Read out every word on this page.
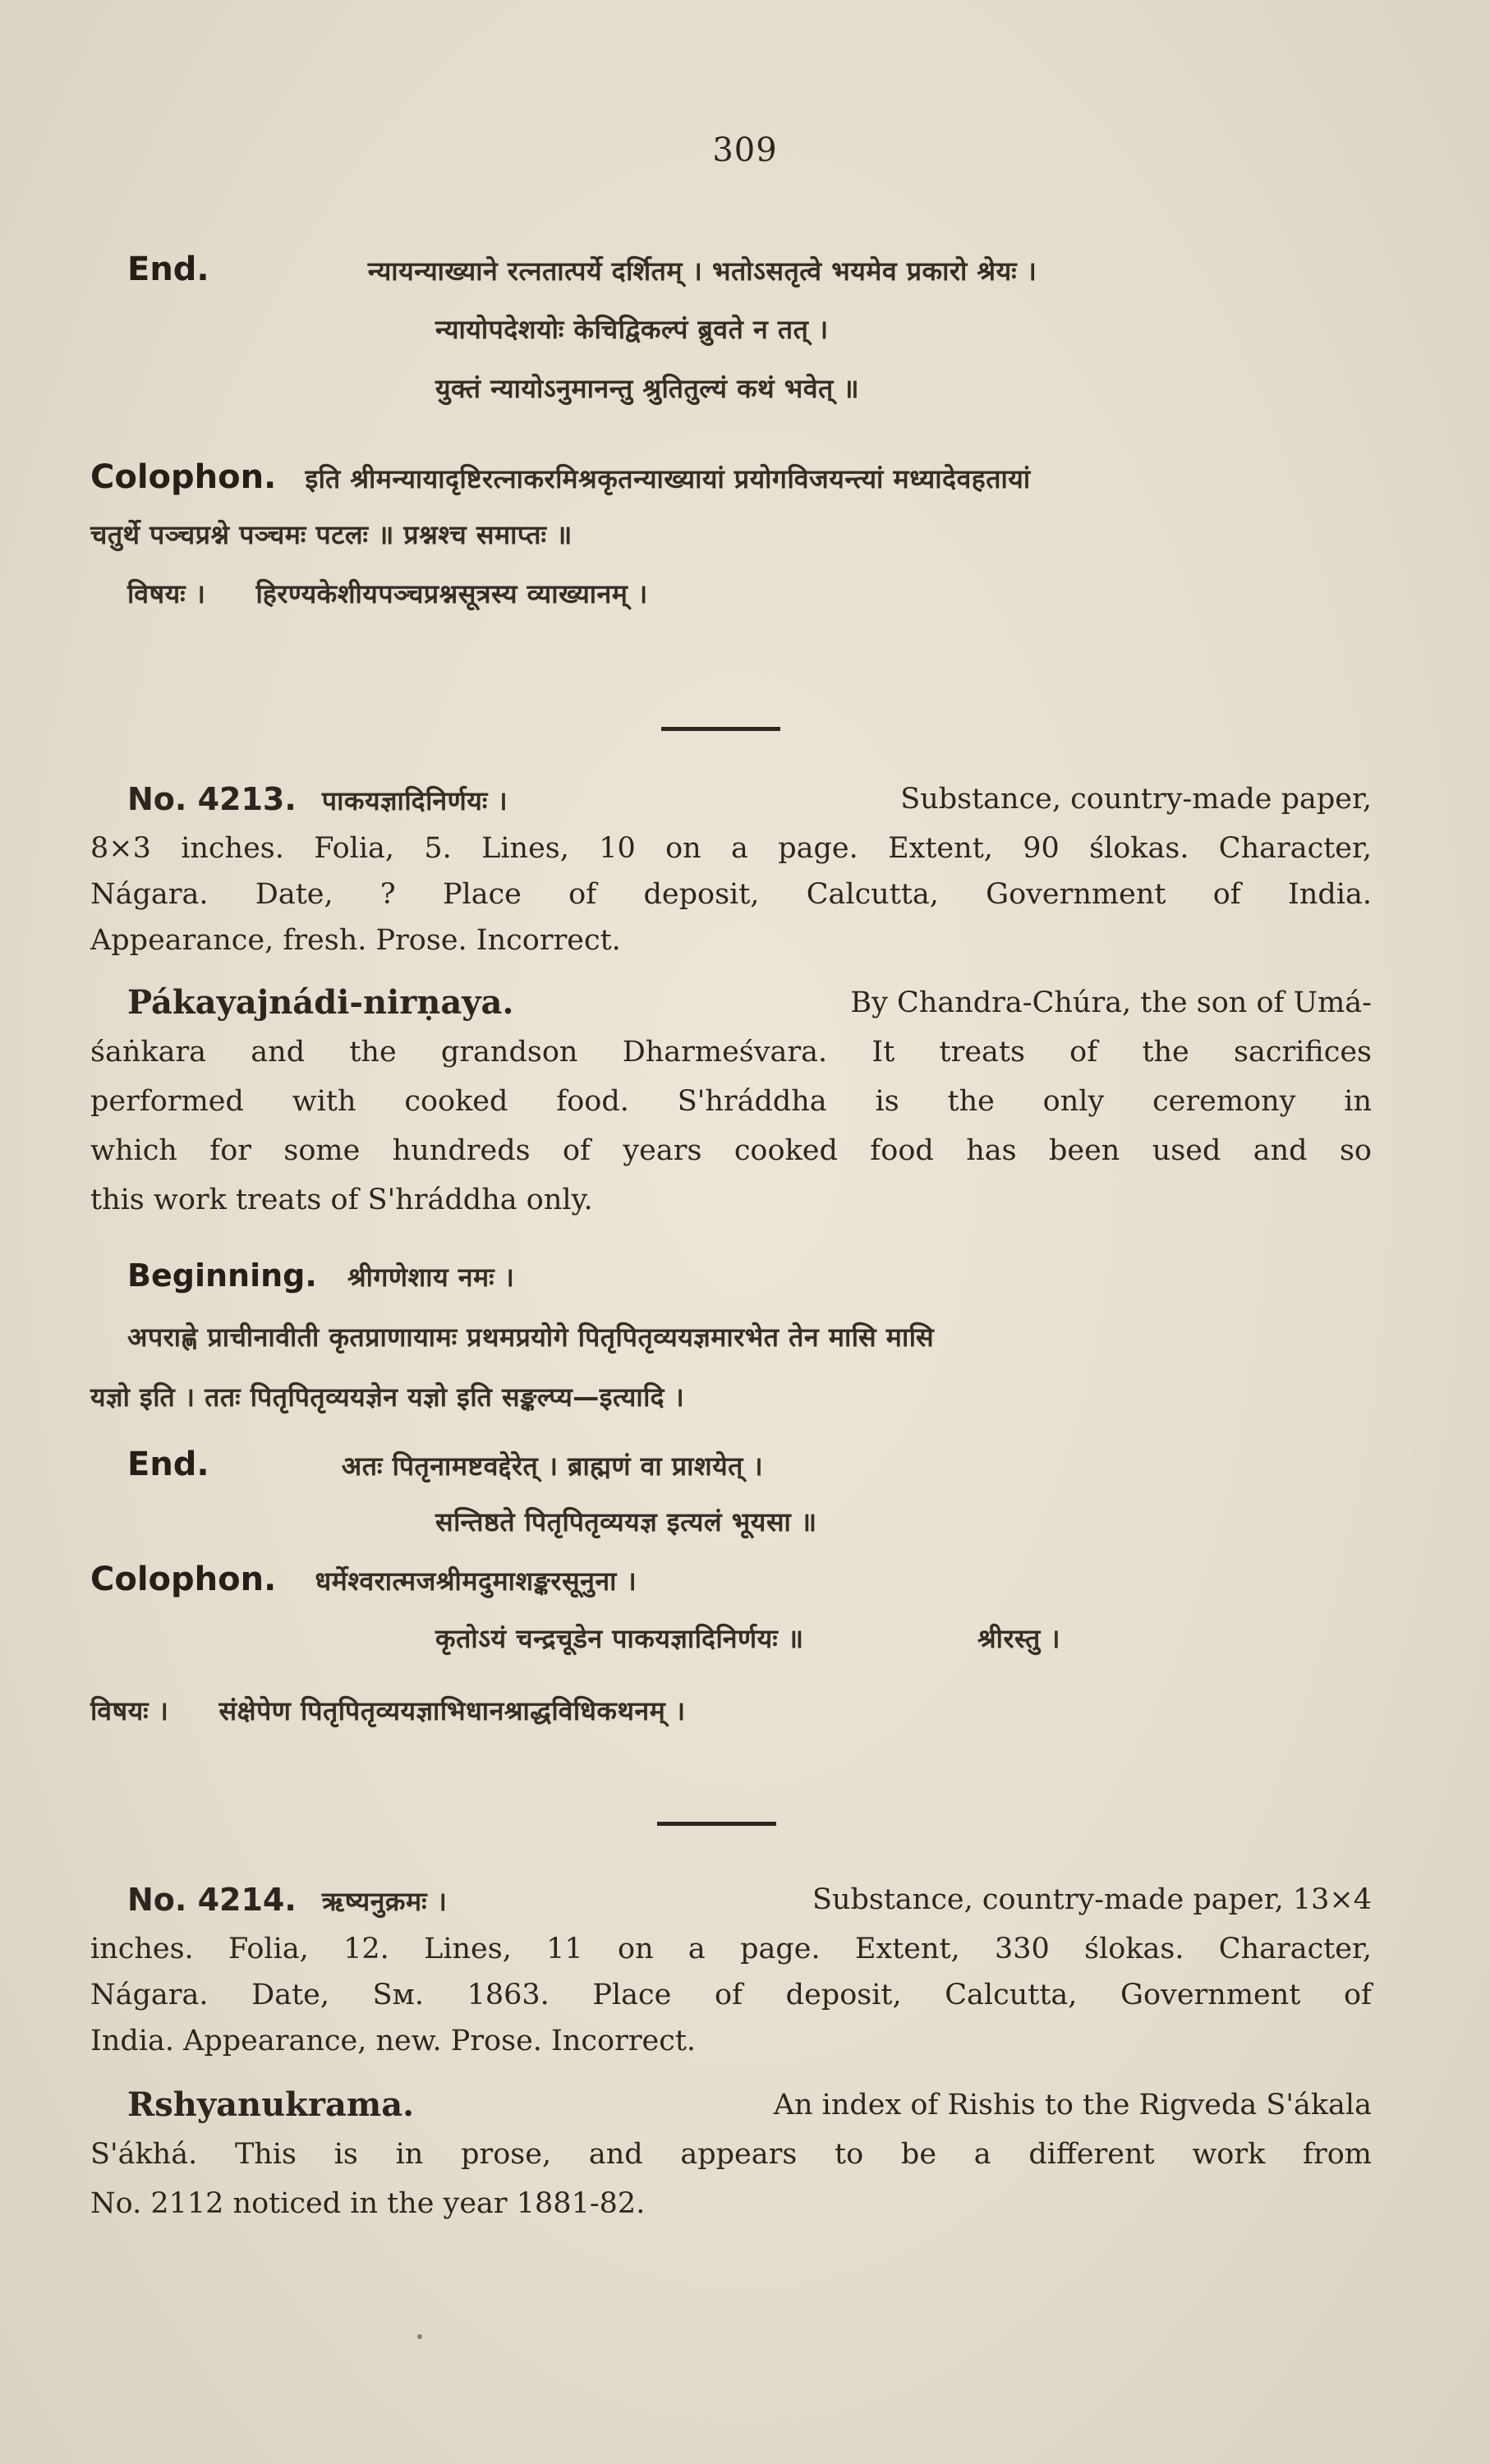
309
End.	न्यायन्याख्याने रत्नतात्पर्ये दर्शितम् । भतोऽसतृत्वे भयमेव प्रकारो श्रेयः ।
न्यायोपदेशयोः केचिद्विकल्पं ब्रुवते न तत् ।
युक्तं न्यायोऽनुमानन्तु श्रुतितुल्यं कथं भवेत् ॥
Colophon. इति श्रीमन्यायादृष्टिरत्नाकरमिश्रकृतन्याख्यायां प्रयोगविजयन्त्यां मध्यादेवहतायां
चतुर्थे पञ्चप्रश्ने पञ्चमः पटलः ॥ प्रश्नश्च समाप्तः ॥
विषयः । हिरण्यकेशीयपञ्चप्रश्नसूत्रस्य व्याख्यानम् ।
No. 4213. पाकयज्ञादिनिर्णयः ।	Substance, country-made paper,
8×3 inches. Folia, 5. Lines, 10 on a page. Extent, 90 ślokas. Character,
Nágara. Date, ? Place of deposit, Calcutta, Government of India.
Appearance, fresh. Prose. Incorrect.
Pákayajnádi-nirṇaya.	By Chandra-Chúra, the son of Umá-
śaṅkara and the grandson Dharmeśvara. It treats of the sacrifices
performed with cooked food. S'hráddha is the only ceremony in
which for some hundreds of years cooked food has been used and so
this work treats of S'hráddha only.
Beginning. श्रीगणेशाय नमः ।
अपराह्णे प्राचीनावीती कृतप्राणायामः प्रथमप्रयोगे पितृपितृव्ययज्ञमारभेत तेन मासि मासि
यज्ञो इति । ततः पितृपितृव्ययज्ञेन यज्ञो इति सङ्कल्प्य—इत्यादि ।
End.	अतः पितृनामष्टवद्देरेत् । ब्राह्मणं वा प्राशयेत् ।
सन्तिष्ठते पितृपितृव्ययज्ञ इत्यलं भूयसा ॥
Colophon. धर्मेश्वरात्मजश्रीमदुमाशङ्करसूनुना ।
कृतोऽयं चन्द्रचूडेन पाकयज्ञादिनिर्णयः ॥	श्रीरस्तु ।
विषयः । संक्षेपेण पितृपितृव्ययज्ञाभिधानश्राद्धविधिकथनम् ।
No. 4214. ऋष्यनुक्रमः ।	Substance, country-made paper, 13×4
inches. Folia, 12. Lines, 11 on a page. Extent, 330 ślokas. Character,
Nágara. Date, Sм. 1863. Place of deposit, Calcutta, Government of
India. Appearance, new. Prose. Incorrect.
Rshyanukrama.	An index of Rishis to the Rigveda S'ákala
S'ákhá. This is in prose, and appears to be a different work from
No. 2112 noticed in the year 1881-82.
